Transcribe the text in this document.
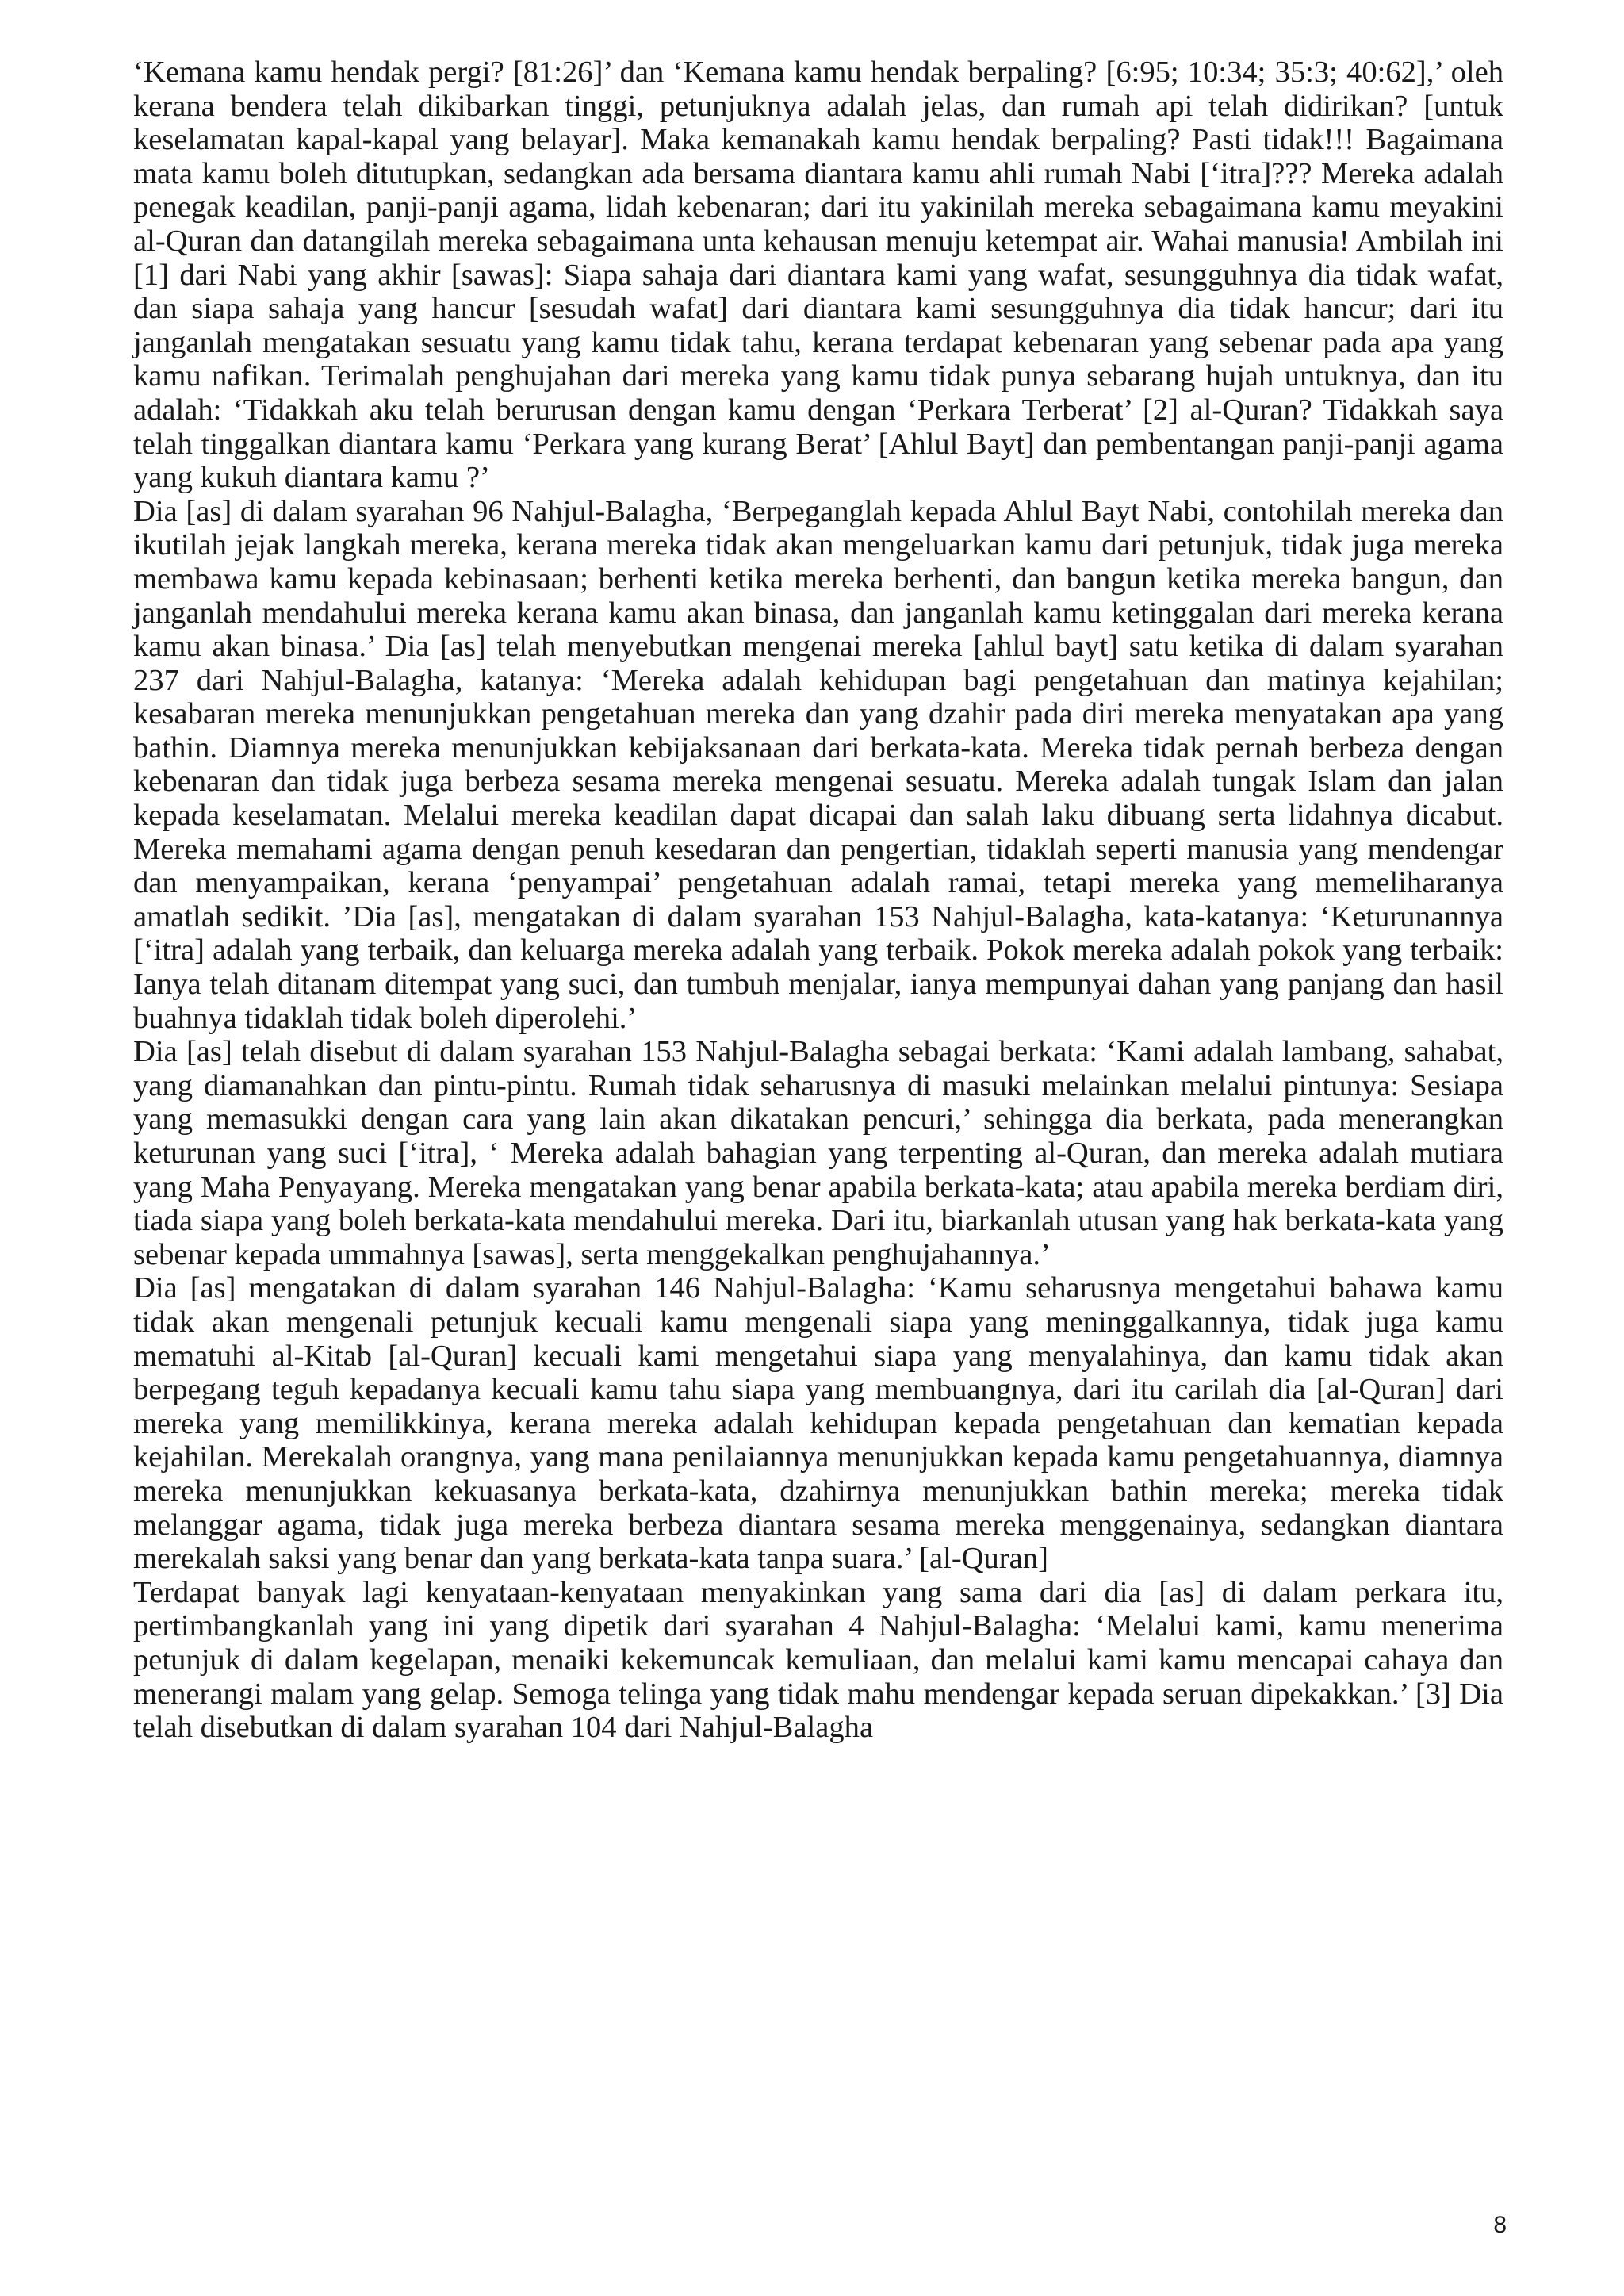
‘Kemana kamu hendak pergi? [81:26]’ dan ‘Kemana kamu hendak berpaling? [6:95; 10:34; 35:3; 40:62],’ oleh kerana bendera telah dikibarkan tinggi, petunjuknya adalah jelas, dan rumah api telah didirikan? [untuk keselamatan kapal-kapal yang belayar]. Maka kemanakah kamu hendak berpaling? Pasti tidak!!! Bagaimana mata kamu boleh ditutupkan, sedangkan ada bersama diantara kamu ahli rumah Nabi [‘itra]??? Mereka adalah penegak keadilan, panji-panji agama, lidah kebenaran; dari itu yakinilah mereka sebagaimana kamu meyakini al-Quran dan datangilah mereka sebagaimana unta kehausan menuju ketempat air. Wahai manusia! Ambilah ini [1] dari Nabi yang akhir [sawas]: Siapa sahaja dari diantara kami yang wafat, sesungguhnya dia tidak wafat, dan siapa sahaja yang hancur [sesudah wafat] dari diantara kami sesungguhnya dia tidak hancur; dari itu janganlah mengatakan sesuatu yang kamu tidak tahu, kerana terdapat kebenaran yang sebenar pada apa yang kamu nafikan. Terimalah penghujahan dari mereka yang kamu tidak punya sebarang hujah untuknya, dan itu adalah: ‘Tidakkah aku telah berurusan dengan kamu dengan ‘Perkara Terberat’ [2] al-Quran? Tidakkah saya telah tinggalkan diantara kamu ‘Perkara yang kurang Berat’ [Ahlul Bayt] dan pembentangan panji-panji agama yang kukuh diantara kamu ?’

Dia [as] di dalam syarahan 96 Nahjul-Balagha, ‘Berpeganglah kepada Ahlul Bayt Nabi, contohilah mereka dan ikutilah jejak langkah mereka, kerana mereka tidak akan mengeluarkan kamu dari petunjuk, tidak juga mereka membawa kamu kepada kebinasaan; berhenti ketika mereka berhenti, dan bangun ketika mereka bangun, dan janganlah mendahului mereka kerana kamu akan binasa, dan janganlah kamu ketinggalan dari mereka kerana kamu akan binasa.’ Dia [as] telah menyebutkan mengenai mereka [ahlul bayt] satu ketika di dalam syarahan 237 dari Nahjul-Balagha, katanya: ‘Mereka adalah kehidupan bagi pengetahuan dan matinya kejahilan; kesabaran mereka menunjukkan pengetahuan mereka dan yang dzahir pada diri mereka menyatakan apa yang bathin. Diamnya mereka menunjukkan kebijaksanaan dari berkata-kata. Mereka tidak pernah berbeza dengan kebenaran dan tidak juga berbeza sesama mereka mengenai sesuatu. Mereka adalah tungak Islam dan jalan kepada keselamatan. Melalui mereka keadilan dapat dicapai dan salah laku dibuang serta lidahnya dicabut. Mereka memahami agama dengan penuh kesedaran dan pengertian, tidaklah seperti manusia yang mendengar dan menyampaikan, kerana ‘penyampai’ pengetahuan adalah ramai, tetapi mereka yang memeliharanya amatlah sedikit. ’Dia [as], mengatakan di dalam syarahan 153 Nahjul-Balagha, kata-katanya: ‘Keturunannya [‘itra] adalah yang terbaik, dan keluarga mereka adalah yang terbaik. Pokok mereka adalah pokok yang terbaik: Ianya telah ditanam ditempat yang suci, dan tumbuh menjalar, ianya mempunyai dahan yang panjang dan hasil buahnya tidaklah tidak boleh diperolehi.’

Dia [as] telah disebut di dalam syarahan 153 Nahjul-Balagha sebagai berkata: ‘Kami adalah lambang, sahabat, yang diamanahkan dan pintu-pintu. Rumah tidak seharusnya di masuki melainkan melalui pintunya: Sesiapa yang memasukki dengan cara yang lain akan dikatakan pencuri,’ sehingga dia berkata, pada menerangkan keturunan yang suci [‘itra], ‘ Mereka adalah bahagian yang terpenting al-Quran, dan mereka adalah mutiara yang Maha Penyayang. Mereka mengatakan yang benar apabila berkata-kata; atau apabila mereka berdiam diri, tiada siapa yang boleh berkata-kata mendahului mereka. Dari itu, biarkanlah utusan yang hak berkata-kata yang sebenar kepada ummahnya [sawas], serta menggekalkan penghujahannya.’

Dia [as] mengatakan di dalam syarahan 146 Nahjul-Balagha: ‘Kamu seharusnya mengetahui bahawa kamu tidak akan mengenali petunjuk kecuali kamu mengenali siapa yang meninggalkannya, tidak juga kamu mematuhi al-Kitab [al-Quran] kecuali kami mengetahui siapa yang menyalahinya, dan kamu tidak akan berpegang teguh kepadanya kecuali kamu tahu siapa yang membuangnya, dari itu carilah dia [al-Quran] dari mereka yang memilikkinya, kerana mereka adalah kehidupan kepada pengetahuan dan kematian kepada kejahilan. Merekalah orangnya, yang mana penilaiannya menunjukkan kepada kamu pengetahuannya, diamnya mereka menunjukkan kekuasanya berkata-kata, dzahirnya menunjukkan bathin mereka; mereka tidak melanggar agama, tidak juga mereka berbeza diantara sesama mereka menggenainya, sedangkan diantara merekalah saksi yang benar dan yang berkata-kata tanpa suara.’ [al-Quran]

Terdapat banyak lagi kenyataan-kenyataan menyakinkan yang sama dari dia [as] di dalam perkara itu, pertimbangkanlah yang ini yang dipetik dari syarahan 4 Nahjul-Balagha: ‘Melalui kami, kamu menerima petunjuk di dalam kegelapan, menaiki kekemuncak kemuliaan, dan melalui kami kamu mencapai cahaya dan menerangi malam yang gelap. Semoga telinga yang tidak mahu mendengar kepada seruan dipekakkan.’ [3] Dia telah disebutkan di dalam syarahan 104 dari Nahjul-Balagha

8
